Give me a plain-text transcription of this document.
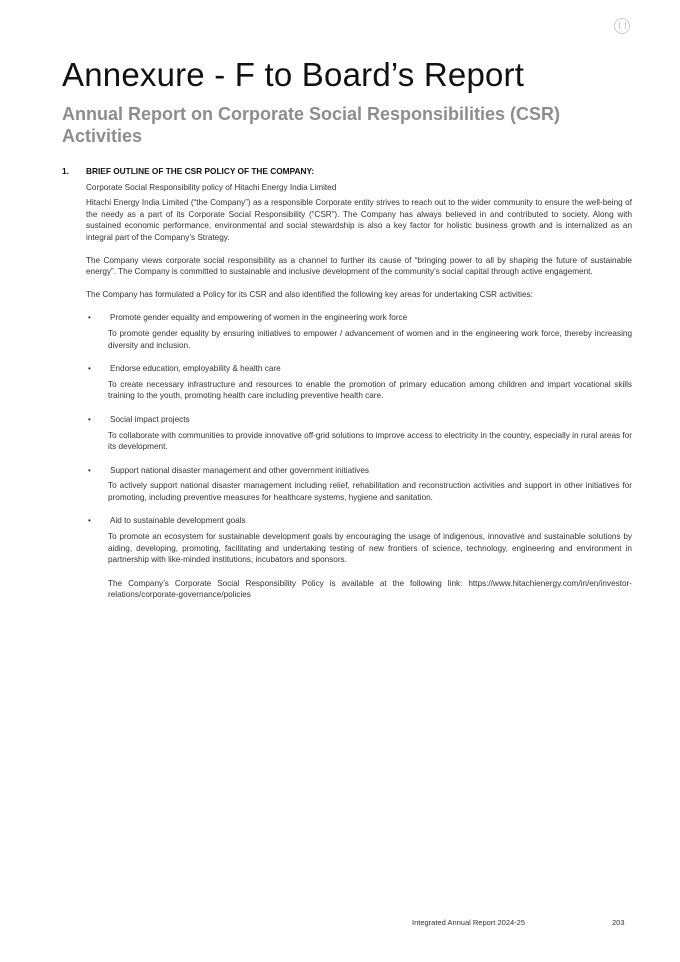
Annexure - F to Board’s Report
Annual Report on Corporate Social Responsibilities (CSR) Activities
1.	BRIEF OUTLINE OF THE CSR POLICY OF THE COMPANY:
Corporate Social Responsibility policy of Hitachi Energy India Limited

Hitachi Energy India Limited (“the Company”) as a responsible Corporate entity strives to reach out to the wider community to ensure the well-being of the needy as a part of its Corporate Social Responsibility (“CSR”). The Company has always believed in and contributed to society. Along with sustained economic performance, environmental and social stewardship is also a key factor for holistic business growth and is internalized as an integral part of the Company’s Strategy.

The Company views corporate social responsibility as a channel to further its cause of “bringing power to all by shaping the future of sustainable energy”. The Company is committed to sustainable and inclusive development of the community’s social capital through active engagement.

The Company has formulated a Policy for its CSR and also identified the following key areas for undertaking CSR activities:

•	Promote gender equality and empowering of women in the engineering work force
To promote gender equality by ensuring initiatives to empower / advancement of women and in the engineering work force, thereby increasing diversity and inclusion.
•	Endorse education, employability & health care
To create necessary infrastructure and resources to enable the promotion of primary education among children and impart vocational skills training to the youth, promoting health care including preventive health care.
•	Social impact projects
To collaborate with communities to provide innovative off-grid solutions to improve access to electricity in the country, especially in rural areas for its development.
•	Support national disaster management and other government initiatives
To actively support national disaster management including relief, rehabilitation and reconstruction activities and support in other initiatives for promoting, including preventive measures for healthcare systems, hygiene and sanitation.
•	Aid to sustainable development goals
To promote an ecosystem for sustainable development goals by encouraging the usage of indigenous, innovative and sustainable solutions by aiding, developing, promoting, facilitating and undertaking testing of new frontiers of science, technology, engineering and environment in partnership with like-minded institutions, incubators and sponsors.
The Company’s Corporate Social Responsibility Policy is available at the following link: https://www.hitachienergy.com/in/en/investor-relations/corporate-governance/policies
Integrated Annual Report 2024-25	203
